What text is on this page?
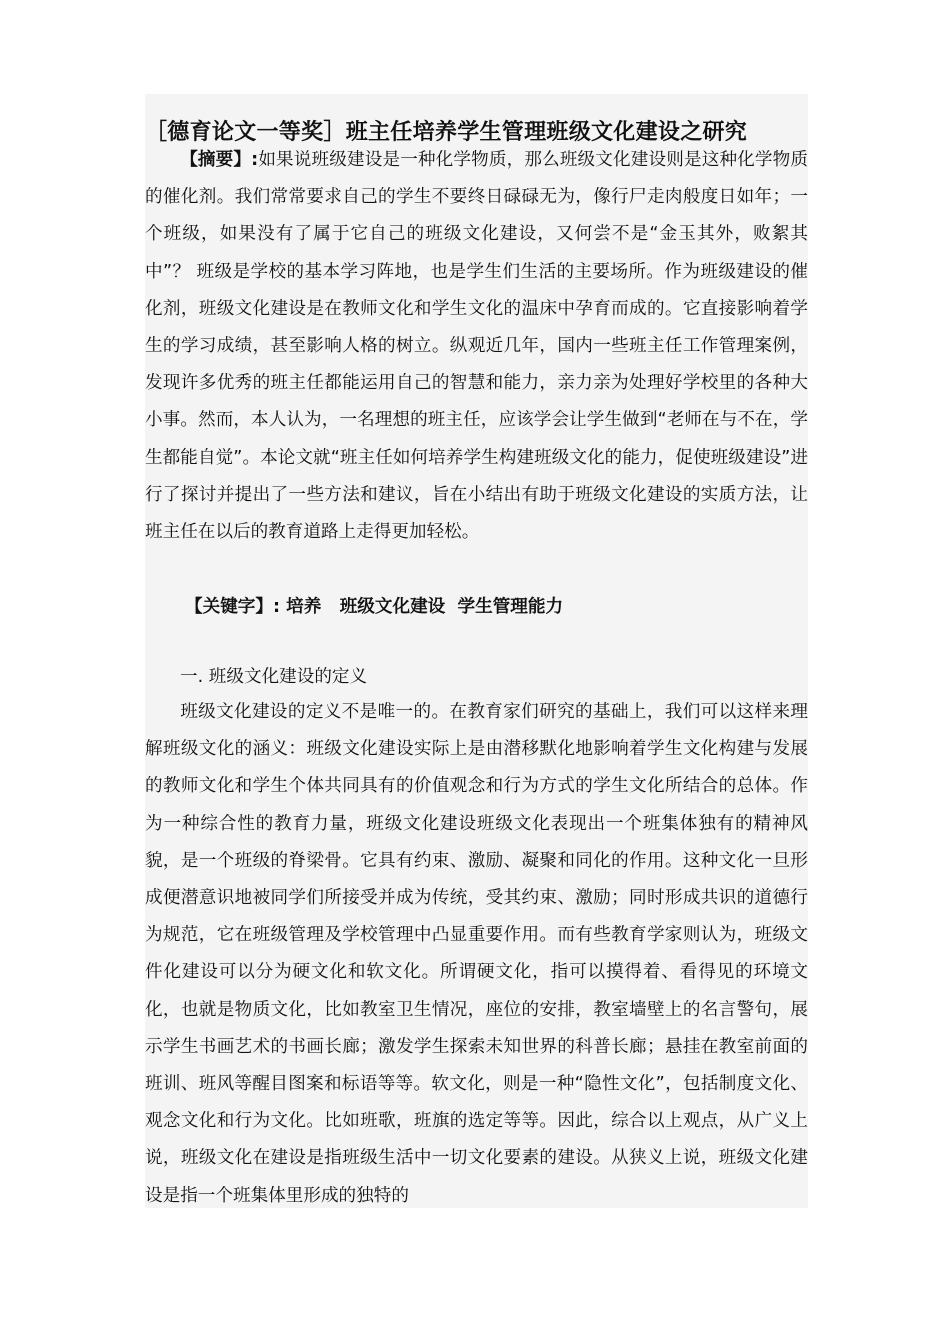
［德育论文一等奖］班主任培养学生管理班级文化建设之研究

【摘要】:如果说班级建设是一种化学物质，那么班级文化建设则是这种化学物质的催化剂。我们常常要求自己的学生不要终日碌碌无为，像行尸走肉般度日如年；一个班级，如果没有了属于它自己的班级文化建设，又何尝不是“金玉其外，败絮其中”？ 班级是学校的基本学习阵地，也是学生们生活的主要场所。作为班级建设的催化剂，班级文化建设是在教师文化和学生文化的温床中孕育而成的。它直接影响着学生的学习成绩，甚至影响人格的树立。纵观近几年，国内一些班主任工作管理案例，发现许多优秀的班主任都能运用自己的智慧和能力，亲力亲为处理好学校里的各种大小事。然而，本人认为，一名理想的班主任，应该学会让学生做到“老师在与不在，学生都能自觉”。本论文就“班主任如何培养学生构建班级文化的能力，促使班级建设”进行了探讨并提出了一些方法和建议，旨在小结出有助于班级文化建设的实质方法，让班主任在以后的教育道路上走得更加轻松。

【关键字】: 培养   班级文化建设  学生管理能力

一. 班级文化建设的定义

班级文化建设的定义不是唯一的。在教育家们研究的基础上，我们可以这样来理解班级文化的涵义：班级文化建设实际上是由潜移默化地影响着学生文化构建与发展的教师文化和学生个体共同具有的价值观念和行为方式的学生文化所结合的总体。作为一种综合性的教育力量，班级文化建设班级文化表现出一个班集体独有的精神风貌，是一个班级的脊梁骨。它具有约束、激励、凝聚和同化的作用。这种文化一旦形成便潜意识地被同学们所接受并成为传统，受其约束、激励；同时形成共识的道德行为规范，它在班级管理及学校管理中凸显重要作用。而有些教育学家则认为，班级文件化建设可以分为硬文化和软文化。所谓硬文化，指可以摸得着、看得见的环境文化，也就是物质文化，比如教室卫生情况，座位的安排，教室墙壁上的名言警句，展示学生书画艺术的书画长廊；激发学生探索未知世界的科普长廊；悬挂在教室前面的班训、班风等醒目图案和标语等等。软文化，则是一种“隐性文化”，包括制度文化、观念文化和行为文化。比如班歌，班旗的选定等等。因此，综合以上观点，从广义上说，班级文化在建设是指班级生活中一切文化要素的建设。从狭义上说，班级文化建设是指一个班集体里形成的独特的
